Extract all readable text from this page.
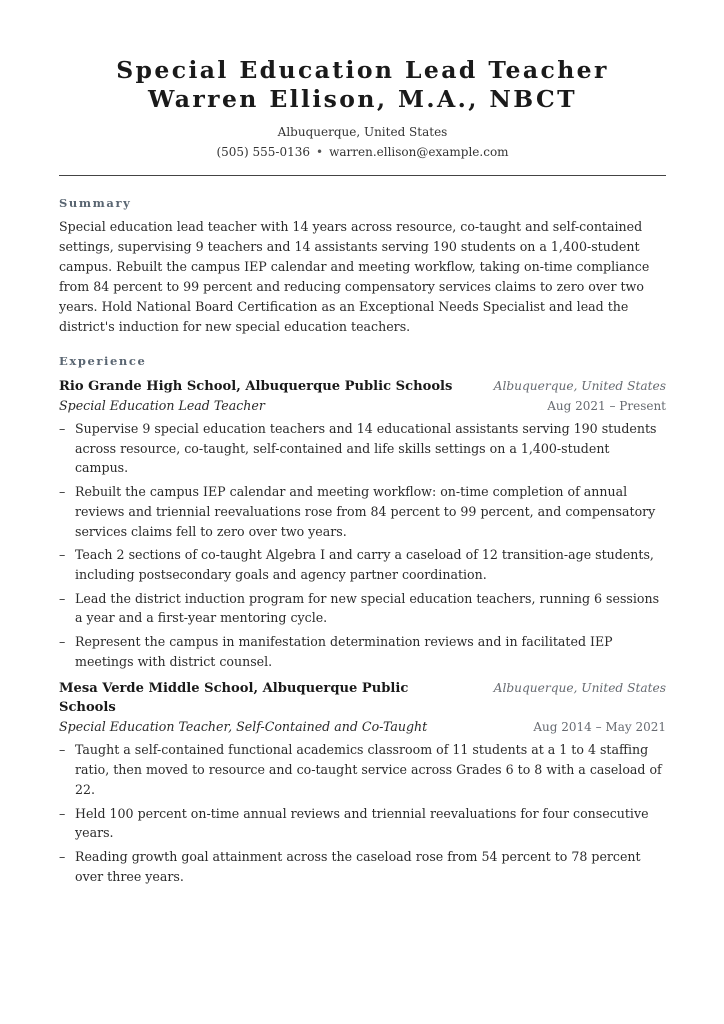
Special Education Lead Teacher
Warren Ellison, M.A., NBCT
Albuquerque, United States
(505) 555-0136 • warren.ellison@example.com
Summary
Special education lead teacher with 14 years across resource, co-taught and self-contained settings, supervising 9 teachers and 14 assistants serving 190 students on a 1,400-student campus. Rebuilt the campus IEP calendar and meeting workflow, taking on-time compliance from 84 percent to 99 percent and reducing compensatory services claims to zero over two years. Hold National Board Certification as an Exceptional Needs Specialist and lead the district's induction for new special education teachers.
Experience
Rio Grande High School, Albuquerque Public Schools	Albuquerque, United States
Special Education Lead Teacher	Aug 2021 – Present
– Supervise 9 special education teachers and 14 educational assistants serving 190 students across resource, co-taught, self-contained and life skills settings on a 1,400-student campus.
– Rebuilt the campus IEP calendar and meeting workflow: on-time completion of annual reviews and triennial reevaluations rose from 84 percent to 99 percent, and compensatory services claims fell to zero over two years.
– Teach 2 sections of co-taught Algebra I and carry a caseload of 12 transition-age students, including postsecondary goals and agency partner coordination.
– Lead the district induction program for new special education teachers, running 6 sessions a year and a first-year mentoring cycle.
– Represent the campus in manifestation determination reviews and in facilitated IEP meetings with district counsel.
Mesa Verde Middle School, Albuquerque Public Schools
Albuquerque, United States
Special Education Teacher, Self-Contained and Co-Taught	Aug 2014 – May 2021
– Taught a self-contained functional academics classroom of 11 students at a 1 to 4 staffing ratio, then moved to resource and co-taught service across Grades 6 to 8 with a caseload of 22.
– Held 100 percent on-time annual reviews and triennial reevaluations for four consecutive years.
– Reading growth goal attainment across the caseload rose from 54 percent to 78 percent over three years.
